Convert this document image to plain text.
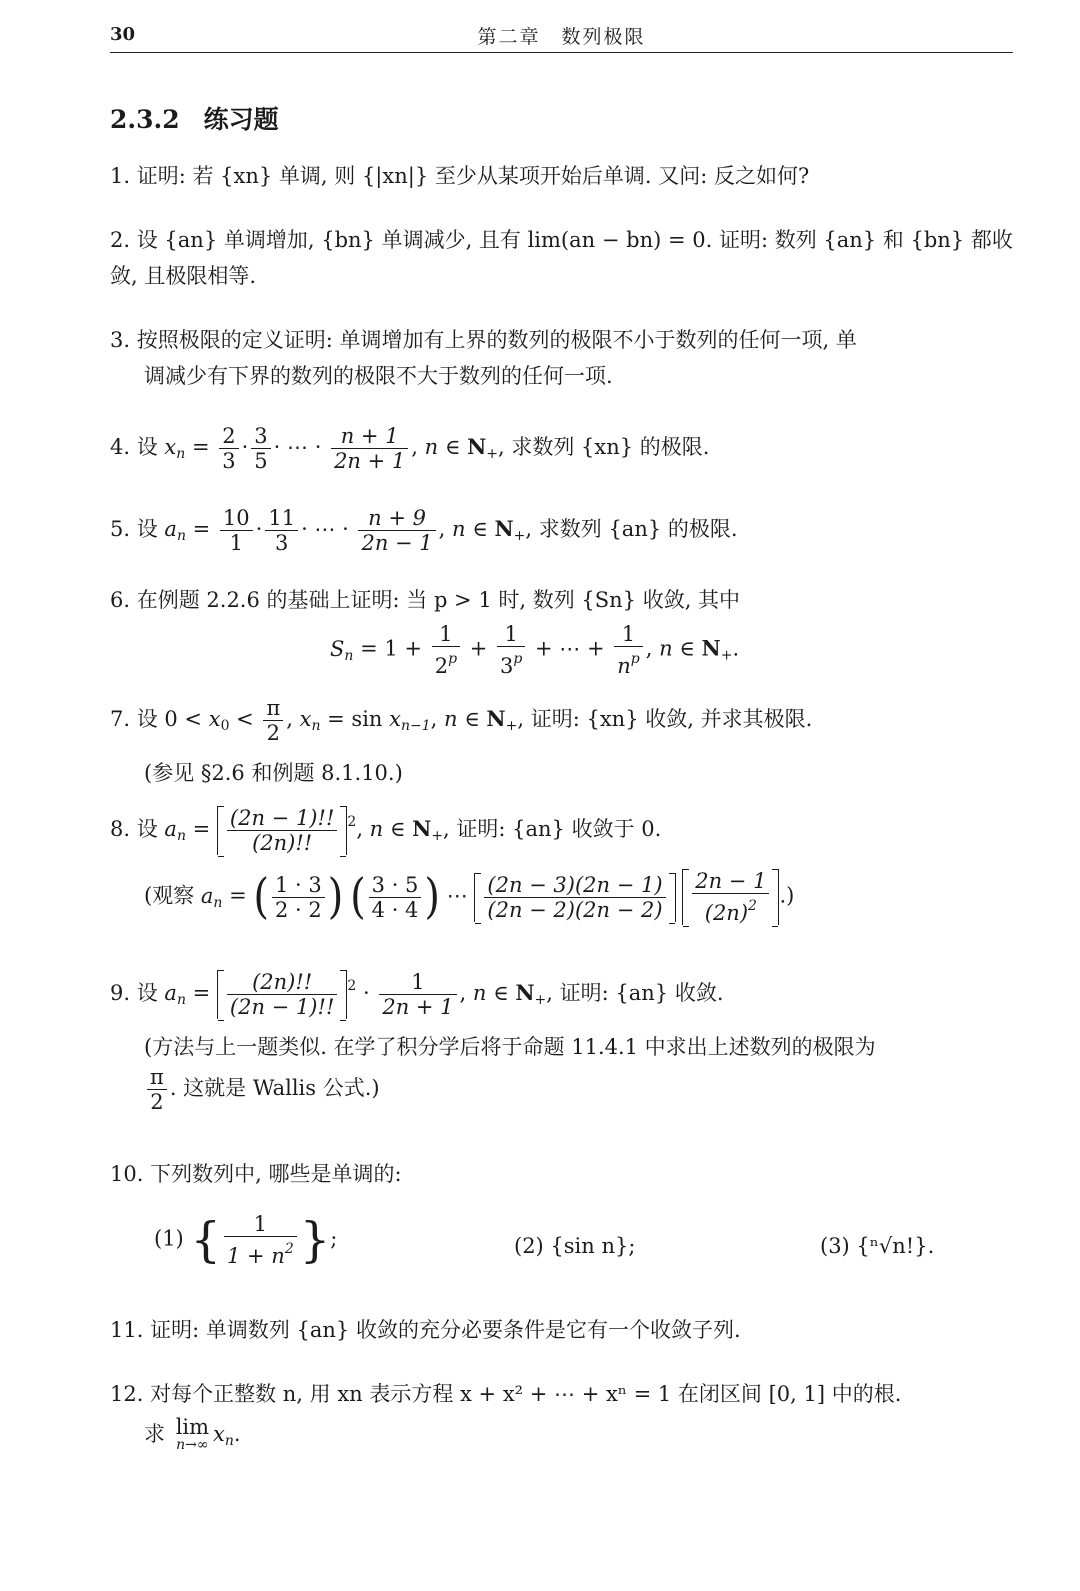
30	第二章　数列极限
2.3.2 练习题
1. 证明: 若 {xn} 单调, 则 {|xn|} 至少从某项开始后单调. 又问: 反之如何?
2. 设 {an} 单调增加, {bn} 单调减少, 且有 lim(an − bn) = 0. 证明: 数列 {an} 和 {bn} 都收敛, 且极限相等.
3. 按照极限的定义证明: 单调增加有上界的数列的极限不小于数列的任何一项, 单
调减少有下界的数列的极限不大于数列的任何一项.
4. 设 $x_n = \frac{2}{3} \cdot \frac{3}{5}$ · ⋯ · $\frac{n + 1}{2n + 1}$ , n ∈ $N_+$, 求数列 {xn} 的极限.
5. 设 $a_n = \frac{10}{1} \cdot \frac{11}{3}$ · ⋯ · $\frac{n + 9}{2n - 1}$ , n ∈ $N_+$, 求数列 {an} 的极限.
6. 在例题 2.2.6 的基础上证明: 当 p > 1 时, 数列 {Sn} 收敛, 其中
$S_n = 1 + \frac{1}{2^p} + \frac{1}{3^p}$ + ⋯ + $\frac{1}{n^p}$ , n ∈ $N_+$.
7. 设 $0 < x_0 < \frac{\pi}{2}$ , $x_n = \sin x_{n-1}$, n ∈ $N_+$, 证明: {xn} 收敛, 并求其极限.
(参见 §2.6 和例题 8.1.10.)
8. 设 $a_n = \frac{(2n - 1)!!}{(2n)!!} ^2$, n ∈ $N_+$, 证明: {an} 收敛于 0.
(观察 $a_n$ = ( $\frac{1 \cdot 3}{2 \cdot 2}$ ) ( $\frac{3 \cdot 5}{4 \cdot 4}$ ) ⋯ $\frac{(2n - 3)(2n - 1)}{(2n - 2)(2n - 2)}$
$\frac{2n - 1}{(2n)^2}$ .)
9. 设 $a_n = \frac{(2n)!!}{(2n - 1)!!} ^2 \cdot \frac{1}{2n + 1}$ , n ∈ $N_+$, 证明: {an} 收敛.
(方法与上一题类似. 在学了积分学后将于命题 11.4.1 中求出上述数列的极限为
$\frac{\pi}{2}$ . 这就是 Wallis 公式.)
10. 下列数列中, 哪些是单调的:
(1) { $\frac{1}{1 + n^2}$ };	(2) {sin n};	(3) {ⁿ√n!}.
11. 证明: 单调数列 {an} 收敛的充分必要条件是它有一个收敛子列.
12. 对每个正整数 n, 用 xn 表示方程 x + x² + ⋯ + xⁿ = 1 在闭区间 [0, 1] 中的根.
求 lim
n→∞ $x_n$.
